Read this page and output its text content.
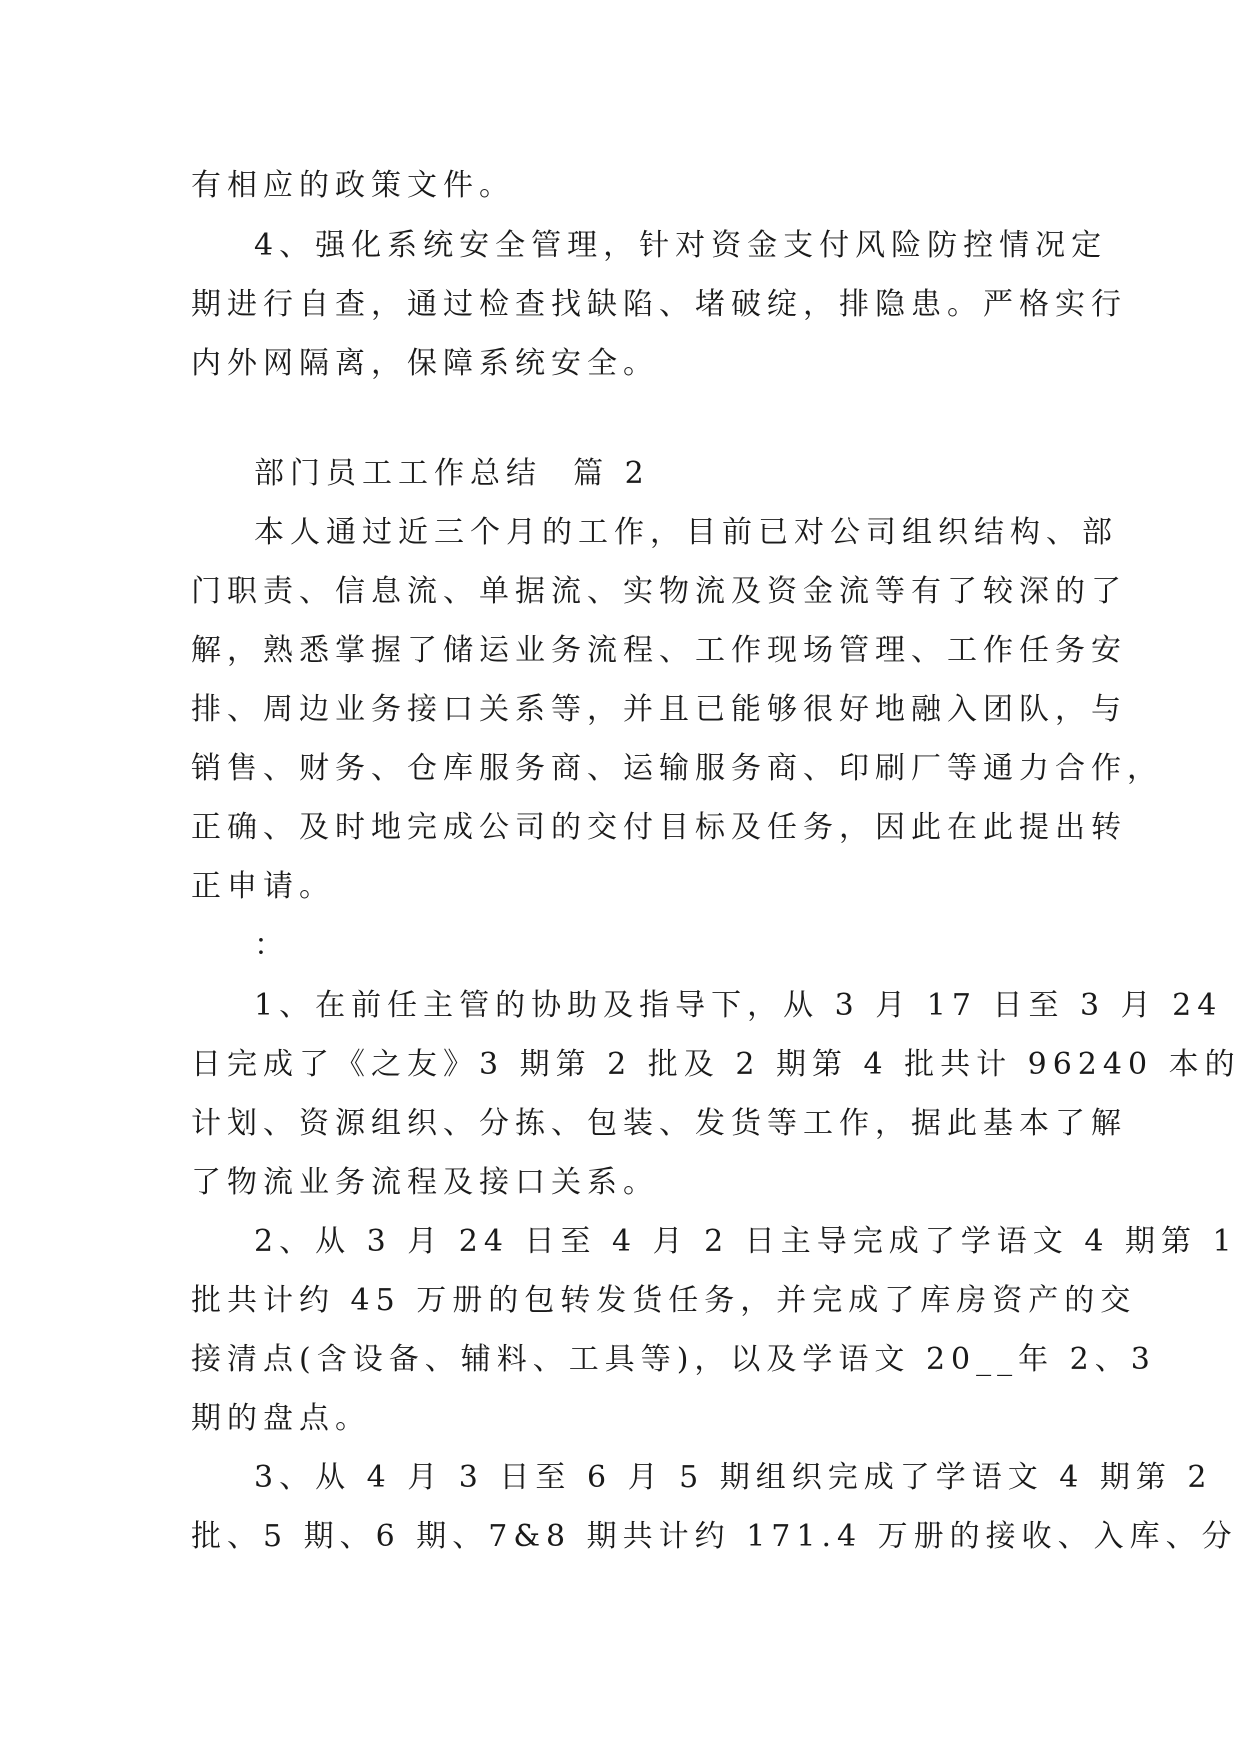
有相应的政策文件。
4、强化系统安全管理，针对资金支付风险防控情况定
期进行自查，通过检查找缺陷、堵破绽，排隐患。严格实行
内外网隔离，保障系统安全。
部门员工工作总结  篇 2
本人通过近三个月的工作，目前已对公司组织结构、部
门职责、信息流、单据流、实物流及资金流等有了较深的了
解，熟悉掌握了储运业务流程、工作现场管理、工作任务安
排、周边业务接口关系等，并且已能够很好地融入团队，与
销售、财务、仓库服务商、运输服务商、印刷厂等通力合作，
正确、及时地完成公司的交付目标及任务，因此在此提出转
正申请。
：
1、在前任主管的协助及指导下，从 3 月 17 日至 3 月 24
日完成了《之友》3 期第 2 批及 2 期第 4 批共计 96240 本的
计划、资源组织、分拣、包装、发货等工作，据此基本了解
了物流业务流程及接口关系。
2、从 3 月 24 日至 4 月 2 日主导完成了学语文 4 期第 1
批共计约 45 万册的包转发货任务，并完成了库房资产的交
接清点(含设备、辅料、工具等)，以及学语文 20__年 2、3
期的盘点。
3、从 4 月 3 日至 6 月 5 期组织完成了学语文 4 期第 2
批、5 期、6 期、7&8 期共计约 171.4 万册的接收、入库、分
